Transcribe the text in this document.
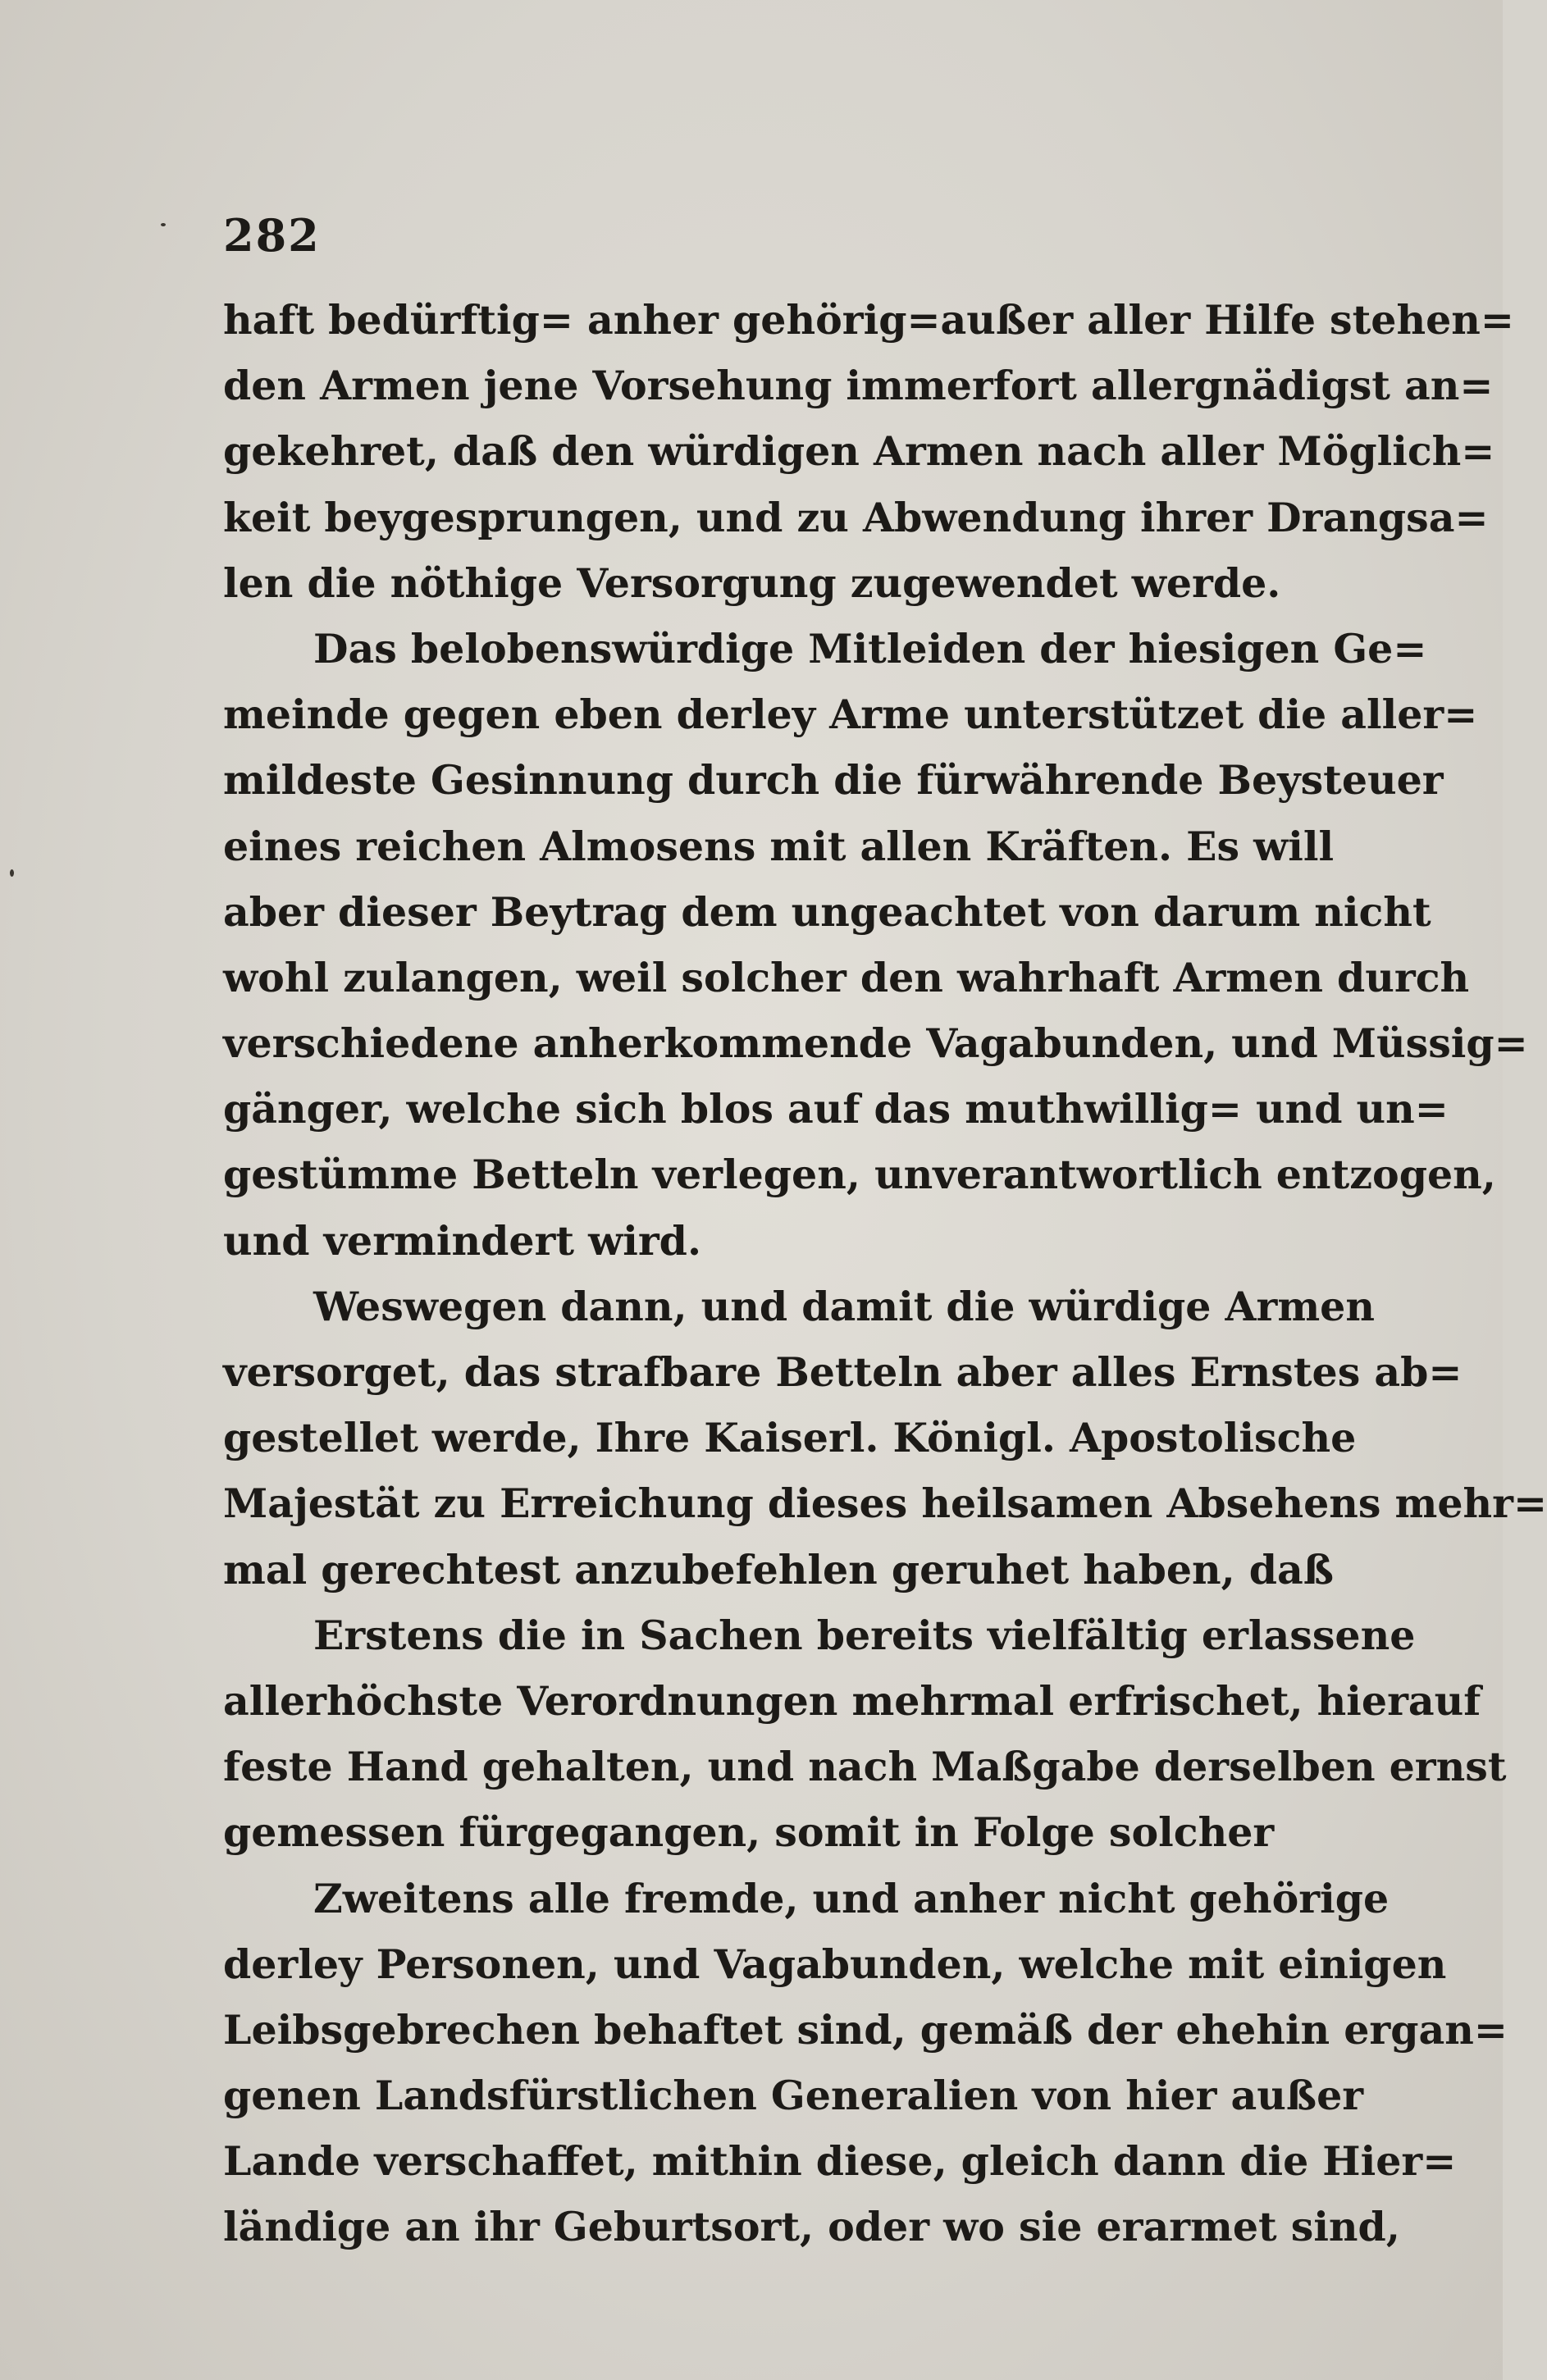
282
haft bedürftig= anher gehörig=außer aller Hilfe stehen=
den Armen jene Vorsehung immerfort allergnädigst an=
gekehret, daß den würdigen Armen nach aller Möglich=
keit beygesprungen, und zu Abwendung ihrer Drangsa=
len die nöthige Versorgung zugewendet werde.
Das belobenswürdige Mitleiden der hiesigen Ge=
meinde gegen eben derley Arme unterstützet die aller=
mildeste Gesinnung durch die fürwährende Beysteuer
eines reichen Almosens mit allen Kräften. Es will
aber dieser Beytrag dem ungeachtet von darum nicht
wohl zulangen, weil solcher den wahrhaft Armen durch
verschiedene anherkommende Vagabunden, und Müssig=
gänger, welche sich blos auf das muthwillig= und un=
gestümme Betteln verlegen, unverantwortlich entzogen,
und vermindert wird.
Weswegen dann, und damit die würdige Armen
versorget, das strafbare Betteln aber alles Ernstes ab=
gestellet werde, Ihre Kaiserl. Königl. Apostolische
Majestät zu Erreichung dieses heilsamen Absehens mehr=
mal gerechtest anzubefehlen geruhet haben, daß
Erstens die in Sachen bereits vielfältig erlassene
allerhöchste Verordnungen mehrmal erfrischet, hierauf
feste Hand gehalten, und nach Maßgabe derselben ernst
gemessen fürgegangen, somit in Folge solcher
Zweitens alle fremde, und anher nicht gehörige
derley Personen, und Vagabunden, welche mit einigen
Leibsgebrechen behaftet sind, gemäß der ehehin ergan=
genen Landsfürstlichen Generalien von hier außer
Lande verschaffet, mithin diese, gleich dann die Hier=
ländige an ihr Geburtsort, oder wo sie erarmet sind,
